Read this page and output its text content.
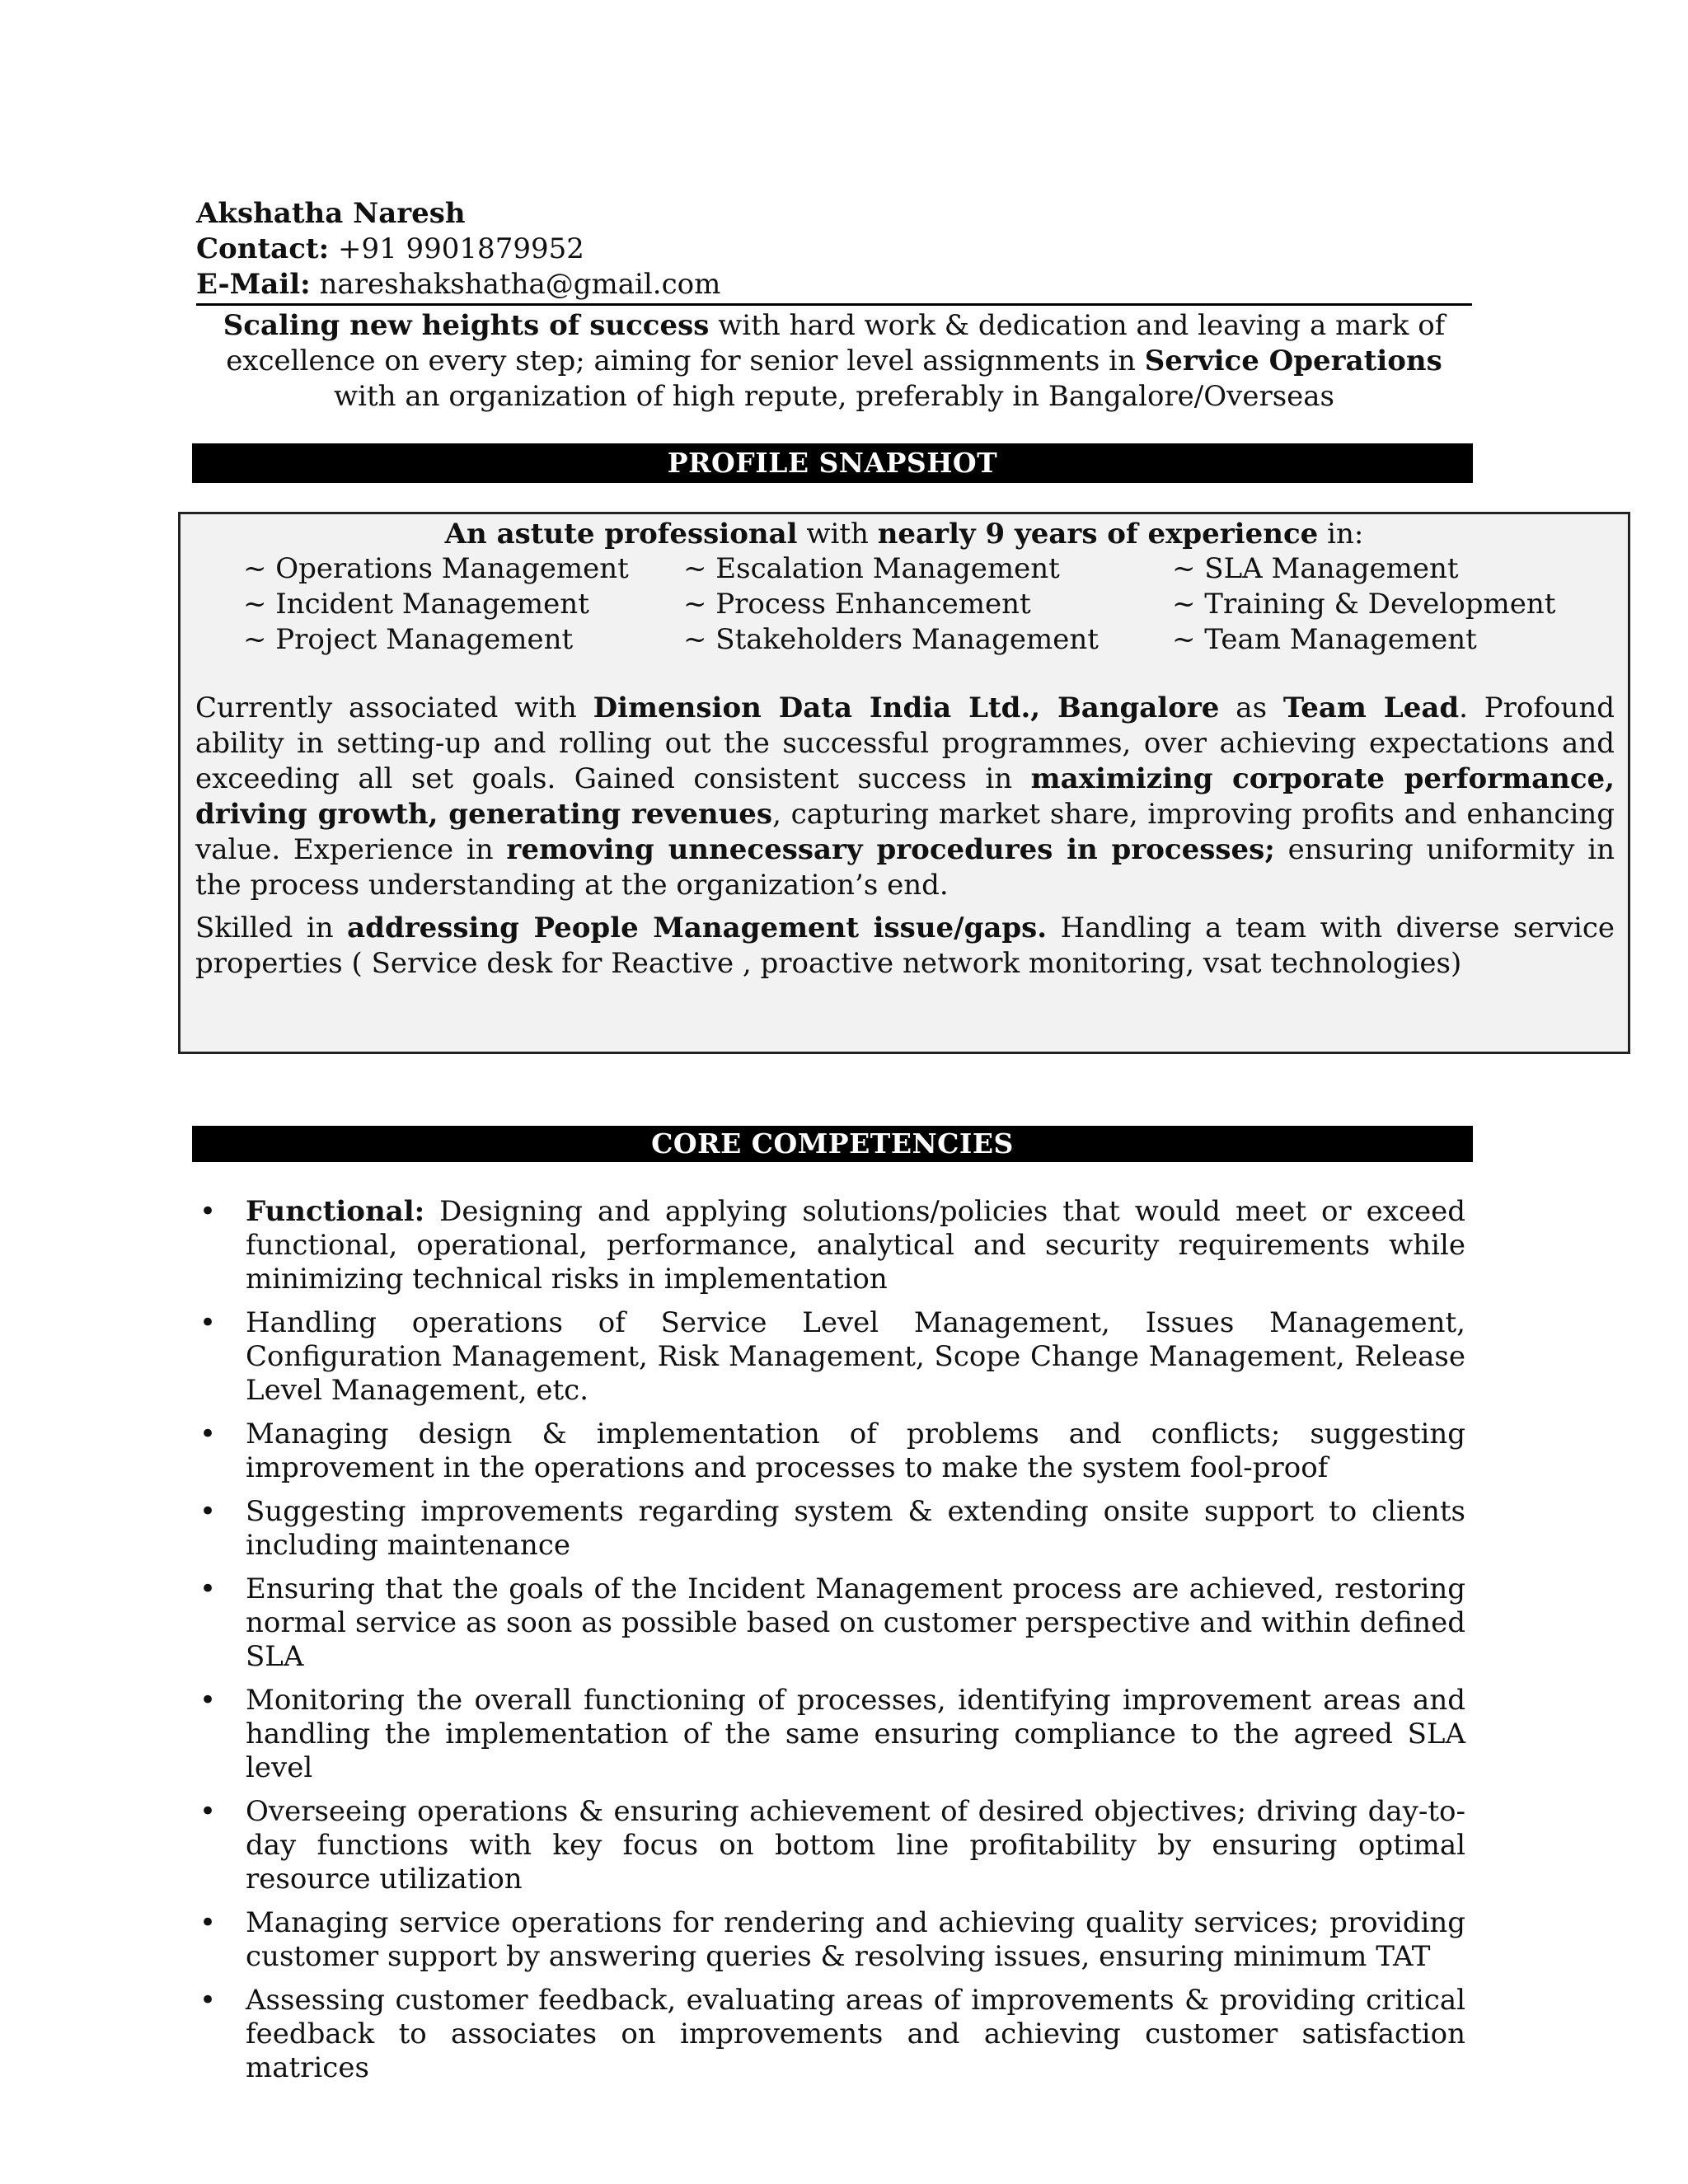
Akshatha Naresh
Contact: +91 9901879952
E-Mail: nareshakshatha@gmail.com
Scaling new heights of success with hard work & dedication and leaving a mark of excellence on every step; aiming for senior level assignments in Service Operations with an organization of high repute, preferably in Bangalore/Overseas
PROFILE SNAPSHOT
An astute professional with nearly 9 years of experience in:
~ Operations Management ~ Escalation Management	~ SLA Management
~ Incident Management	~ Process Enhancement	~ Training & Development
~ Project Management	~ Stakeholders Management	~ Team Management
Currently associated with Dimension Data India Ltd., Bangalore as Team Lead. Profound ability in setting-up and rolling out the successful programmes, over achieving expectations and exceeding all set goals. Gained consistent success in maximizing corporate performance, driving growth, generating revenues, capturing market share, improving profits and enhancing value. Experience in removing unnecessary procedures in processes; ensuring uniformity in the process understanding at the organization’s end.
Skilled in addressing People Management issue/gaps. Handling a team with diverse service properties ( Service desk for Reactive , proactive network monitoring, vsat technologies)
CORE COMPETENCIES
• Functional: Designing and applying solutions/policies that would meet or exceed functional, operational, performance, analytical and security requirements while minimizing technical risks in implementation
• Handling operations of Service Level Management, Issues Management, Configuration Management, Risk Management, Scope Change Management, Release Level Management, etc.
• Managing design & implementation of problems and conflicts; suggesting improvement in the operations and processes to make the system fool-proof
• Suggesting improvements regarding system & extending onsite support to clients including maintenance
• Ensuring that the goals of the Incident Management process are achieved, restoring normal service as soon as possible based on customer perspective and within defined SLA
• Monitoring the overall functioning of processes, identifying improvement areas and handling the implementation of the same ensuring compliance to the agreed SLA level
• Overseeing operations & ensuring achievement of desired objectives; driving day-to-day functions with key focus on bottom line profitability by ensuring optimal resource utilization
• Managing service operations for rendering and achieving quality services; providing customer support by answering queries & resolving issues, ensuring minimum TAT
• Assessing customer feedback, evaluating areas of improvements & providing critical feedback to associates on improvements and achieving customer satisfaction matrices
